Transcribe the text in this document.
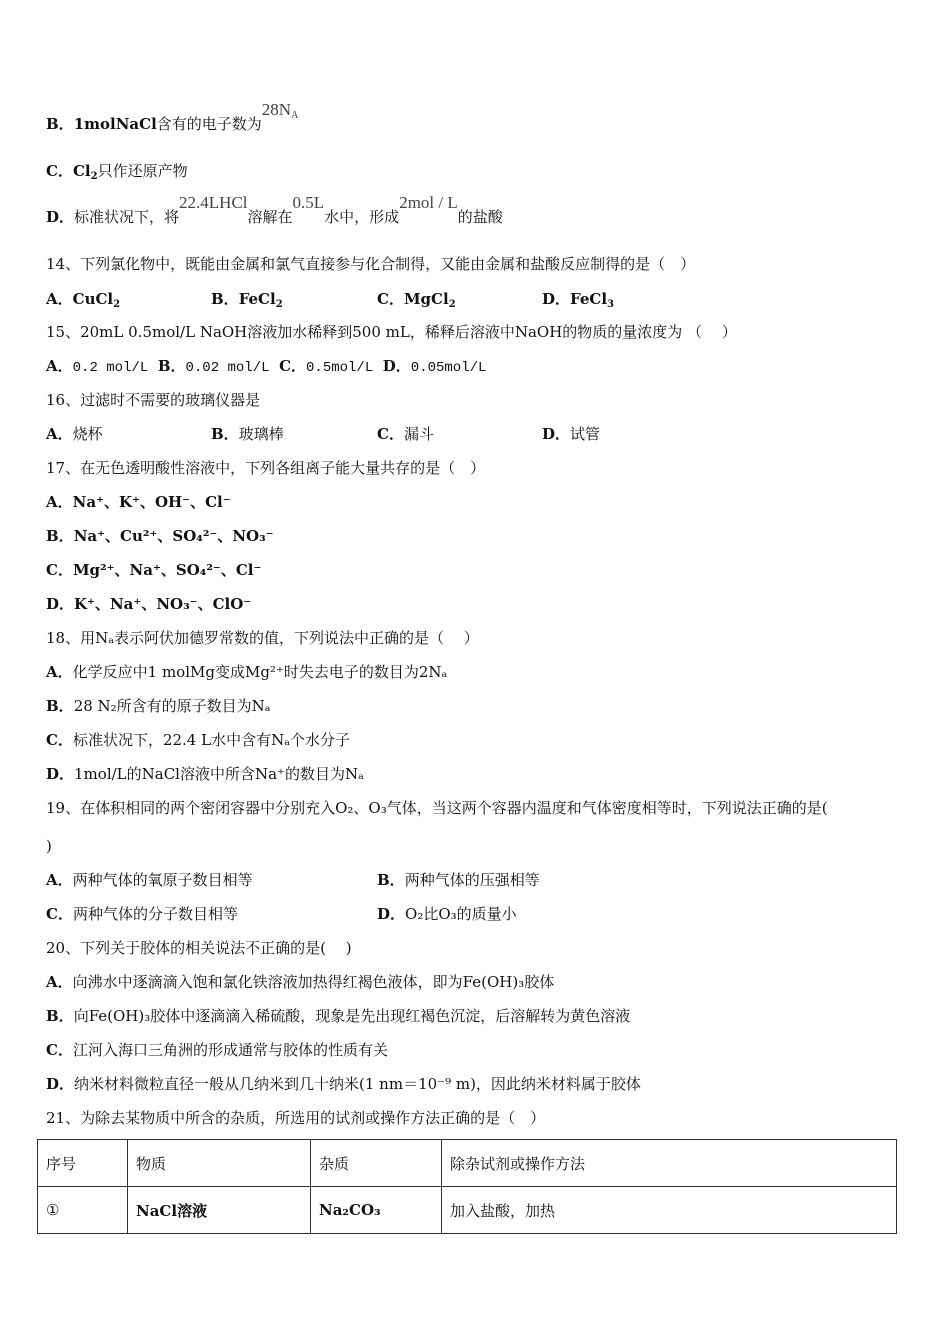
B．1molNaCl含有的电子数为$28N_A$
C．$Cl_2$只作还原产物
D．标准状况下，将22.4LHCl溶解在0.5L水中，形成2mol / L的盐酸
14、下列氯化物中，既能由金属和氯气直接参与化合制得，又能由金属和盐酸反应制得的是（　）
A．CuCl$_2$	B．FeCl$_2$	C．MgCl$_2$	D．FeCl$_3$
15、20mL 0.5mol/L NaOH溶液加水稀释到500 mL，稀释后溶液中NaOH的物质的量浓度为 （　 ）
A．0.2 mol/L B．0.02 mol/L C．0.5mol/L D．0.05mol/L
16、过滤时不需要的玻璃仪器是
A．烧杯	B．玻璃棒	C．漏斗	D．试管
17、在无色透明酸性溶液中，下列各组离子能大量共存的是（　）
A．Na⁺、K⁺、OH⁻、Cl⁻
B．Na⁺、Cu²⁺、SO₄²⁻、NO₃⁻
C．Mg²⁺、Na⁺、SO₄²⁻、Cl⁻
D．K⁺、Na⁺、NO₃⁻、ClO⁻
18、用Nₐ表示阿伏加德罗常数的值，下列说法中正确的是（　 ）
A．化学反应中1 molMg变成Mg²⁺时失去电子的数目为2Nₐ
B．28 N₂所含有的原子数目为Nₐ
C．标准状况下，22.4 L水中含有Nₐ个水分子
D．1mol/L的NaCl溶液中所含Na⁺的数目为Nₐ
19、在体积相同的两个密闭容器中分别充入O₂、O₃气体，当这两个容器内温度和气体密度相等时，下列说法正确的是(
)
A．两种气体的氧原子数目相等	B．两种气体的压强相等
C．两种气体的分子数目相等	D．O₂比O₃的质量小
20、下列关于胶体的相关说法不正确的是(　 )
A．向沸水中逐滴滴入饱和氯化铁溶液加热得红褐色液体，即为Fe(OH)₃胶体
B．向Fe(OH)₃胶体中逐滴滴入稀硫酸，现象是先出现红褐色沉淀，后溶解转为黄色溶液
C．江河入海口三角洲的形成通常与胶体的性质有关
D．纳米材料微粒直径一般从几纳米到几十纳米(1 nm＝10⁻⁹ m)，因此纳米材料属于胶体
21、为除去某物质中所含的杂质，所选用的试剂或操作方法正确的是（　）
序号	物质	杂质	除杂试剂或操作方法
①	NaCl溶液	Na₂CO₃	加入盐酸，加热
